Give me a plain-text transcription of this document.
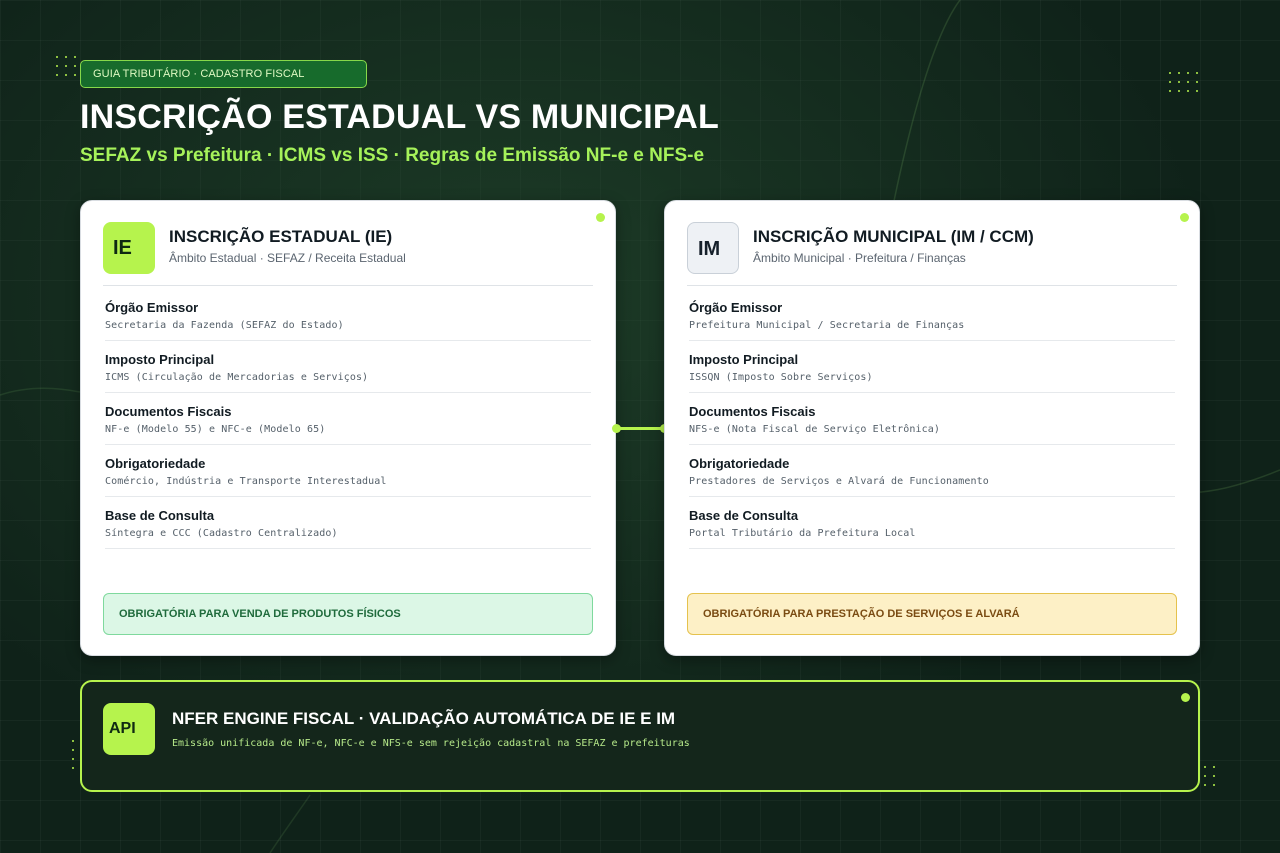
GUIA TRIBUTÁRIO · CADASTRO FISCAL
INSCRIÇÃO ESTADUAL VS MUNICIPAL
SEFAZ vs Prefeitura · ICMS vs ISS · Regras de Emissão NF-e e NFS-e
IE
INSCRIÇÃO ESTADUAL (IE)
Âmbito Estadual · SEFAZ / Receita Estadual
Órgão Emissor
Secretaria da Fazenda (SEFAZ do Estado)
Imposto Principal
ICMS (Circulação de Mercadorias e Serviços)
Documentos Fiscais
NF-e (Modelo 55) e NFC-e (Modelo 65)
Obrigatoriedade
Comércio, Indústria e Transporte Interestadual
Base de Consulta
Síntegra e CCC (Cadastro Centralizado)
OBRIGATÓRIA PARA VENDA DE PRODUTOS FÍSICOS
IM
INSCRIÇÃO MUNICIPAL (IM / CCM)
Âmbito Municipal · Prefeitura / Finanças
Órgão Emissor
Prefeitura Municipal / Secretaria de Finanças
Imposto Principal
ISSQN (Imposto Sobre Serviços)
Documentos Fiscais
NFS-e (Nota Fiscal de Serviço Eletrônica)
Obrigatoriedade
Prestadores de Serviços e Alvará de Funcionamento
Base de Consulta
Portal Tributário da Prefeitura Local
OBRIGATÓRIA PARA PRESTAÇÃO DE SERVIÇOS E ALVARÁ
API
NFER ENGINE FISCAL · VALIDAÇÃO AUTOMÁTICA DE IE E IM
Emissão unificada de NF-e, NFC-e e NFS-e sem rejeição cadastral na SEFAZ e prefeituras
